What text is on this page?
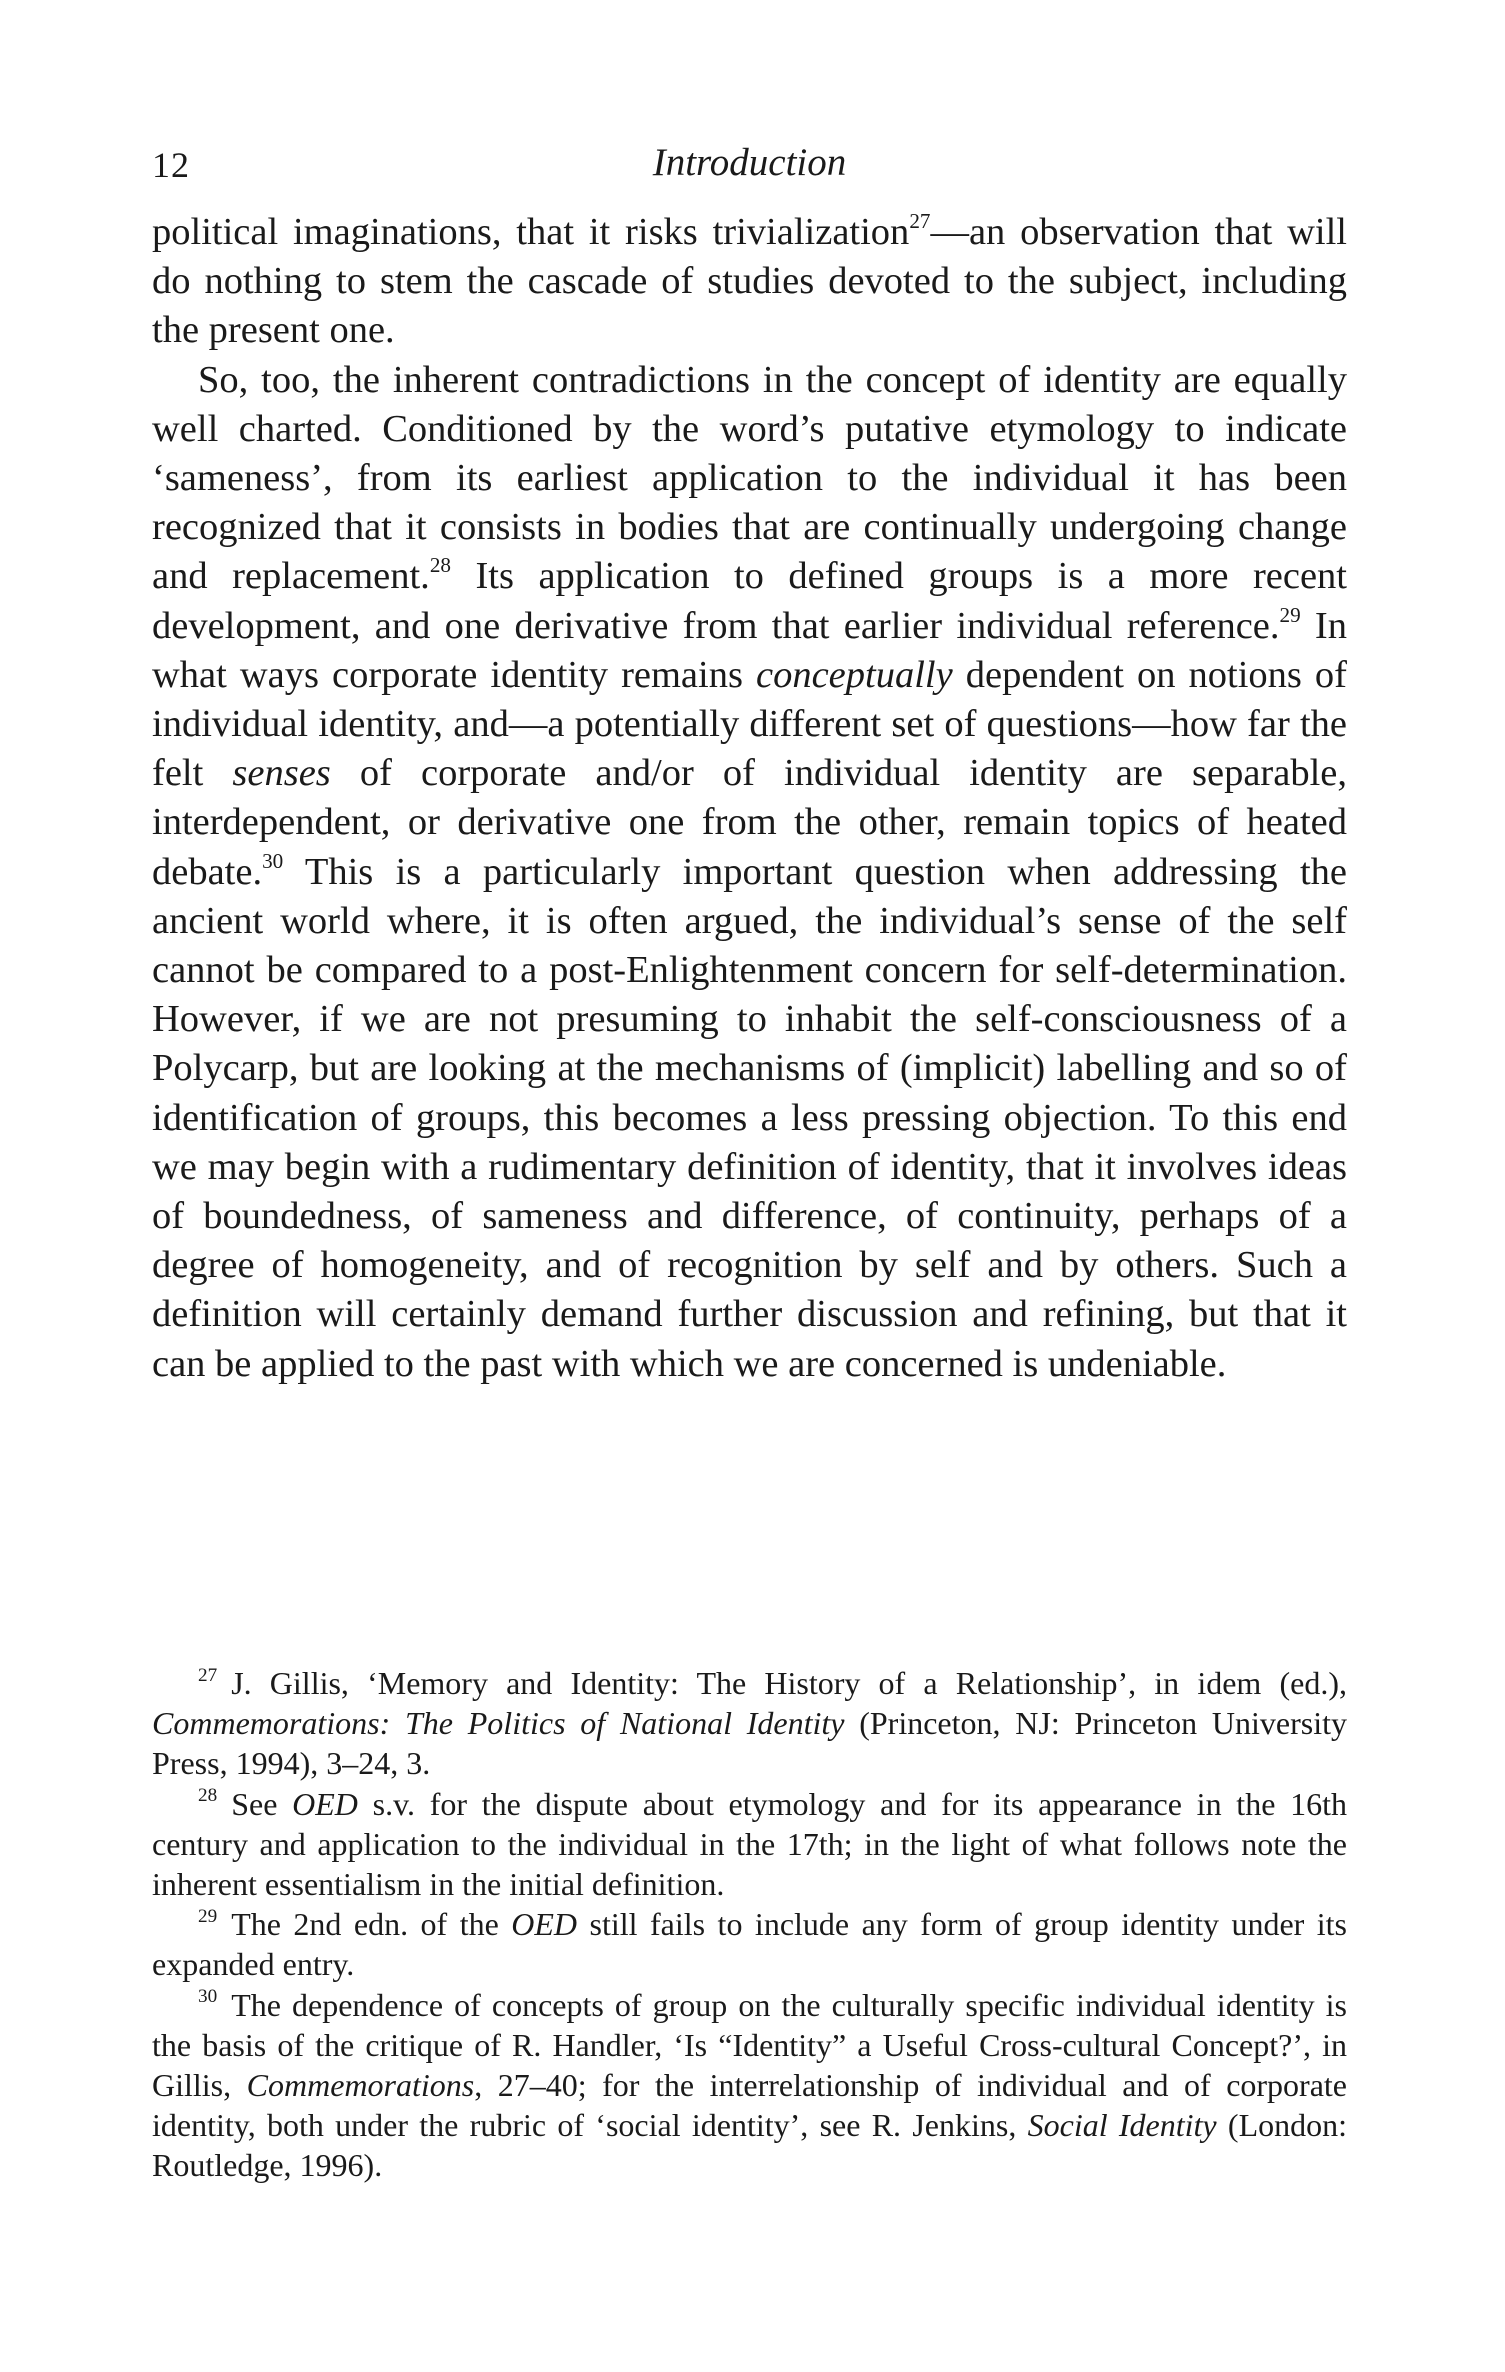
12	Introduction

political imaginations, that it risks trivialization$^{27}$—an observation that will do nothing to stem the cascade of studies devoted to the subject, including the present one.

So, too, the inherent contradictions in the concept of identity are equally well charted. Conditioned by the word’s putative etymology to indicate ‘sameness’, from its earliest application to the individual it has been recognized that it consists in bodies that are continually undergoing change and replacement.$^{28}$ Its application to defined groups is a more recent development, and one derivative from that earlier individual reference.$^{29}$ In what ways corporate identity remains conceptually dependent on notions of individual identity, and—a potentially different set of questions—how far the felt senses of corporate and/or of individual identity are separable, interdependent, or derivative one from the other, remain topics of heated debate.$^{30}$ This is a particularly important question when addressing the ancient world where, it is often argued, the individual’s sense of the self cannot be compared to a post-Enlightenment concern for self-determination. However, if we are not presuming to inhabit the self-consciousness of a Polycarp, but are looking at the mechanisms of (implicit) labelling and so of identification of groups, this becomes a less pressing objection. To this end we may begin with a rudimentary definition of identity, that it involves ideas of boundedness, of sameness and difference, of continuity, perhaps of a degree of homogeneity, and of recognition by self and by others. Such a definition will certainly demand further discussion and refining, but that it can be applied to the past with which we are concerned is undeniable.

$^{27}$ J. Gillis, ‘Memory and Identity: The History of a Relationship’, in idem (ed.), Commemorations: The Politics of National Identity (Princeton, NJ: Princeton University Press, 1994), 3–24, 3.

$^{28}$ See OED s.v. for the dispute about etymology and for its appearance in the 16th century and application to the individual in the 17th; in the light of what follows note the inherent essentialism in the initial definition.

$^{29}$ The 2nd edn. of the OED still fails to include any form of group identity under its expanded entry.

$^{30}$ The dependence of concepts of group on the culturally specific individual identity is the basis of the critique of R. Handler, ‘Is “Identity” a Useful Cross-cultural Concept?’, in Gillis, Commemorations, 27–40; for the interrelationship of individual and of corporate identity, both under the rubric of ‘social identity’, see R. Jenkins, Social Identity (London: Routledge, 1996).
